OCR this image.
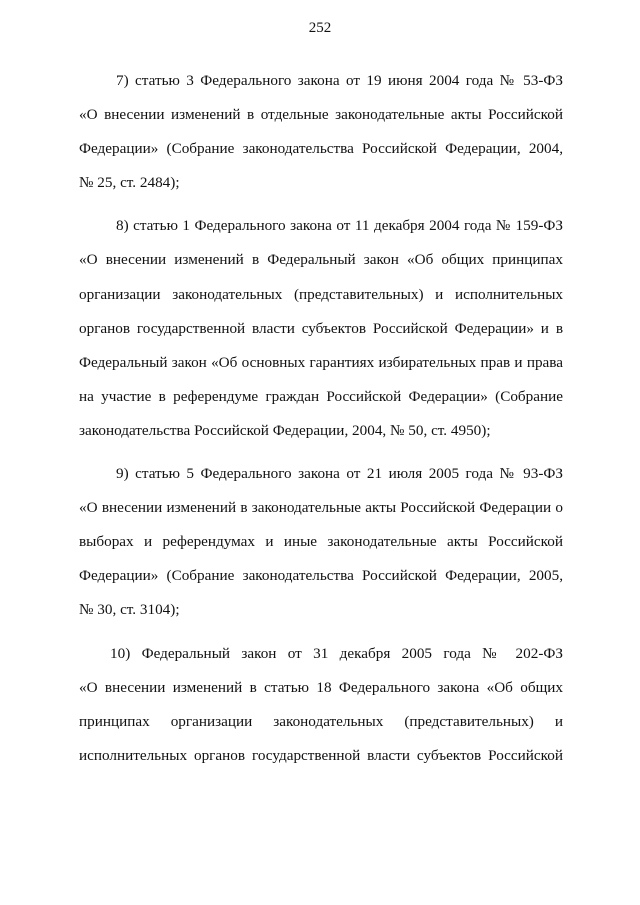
252
7) статью 3 Федерального закона от 19 июня 2004 года № 53-ФЗ
«О внесении изменений в отдельные законодательные акты Российской
Федерации» (Собрание законодательства Российской Федерации, 2004,
№ 25, ст. 2484);
8) статью 1 Федерального закона от 11 декабря 2004 года № 159-ФЗ
«О внесении изменений в Федеральный закон «Об общих принципах
организации законодательных (представительных) и исполнительных
органов государственной власти субъектов Российской Федерации» и в
Федеральный закон «Об основных гарантиях избирательных прав и права
на участие в референдуме граждан Российской Федерации» (Собрание
законодательства Российской Федерации, 2004, № 50, ст. 4950);
9) статью 5 Федерального закона от 21 июля 2005 года № 93-ФЗ
«О внесении изменений в законодательные акты Российской Федерации о
выборах и референдумах и иные законодательные акты Российской
Федерации» (Собрание законодательства Российской Федерации, 2005,
№ 30, ст. 3104);
10) Федеральный закон от 31 декабря 2005 года № 202-ФЗ
«О внесении изменений в статью 18 Федерального закона «Об общих
принципах организации законодательных (представительных) и
исполнительных органов государственной власти субъектов Российской
